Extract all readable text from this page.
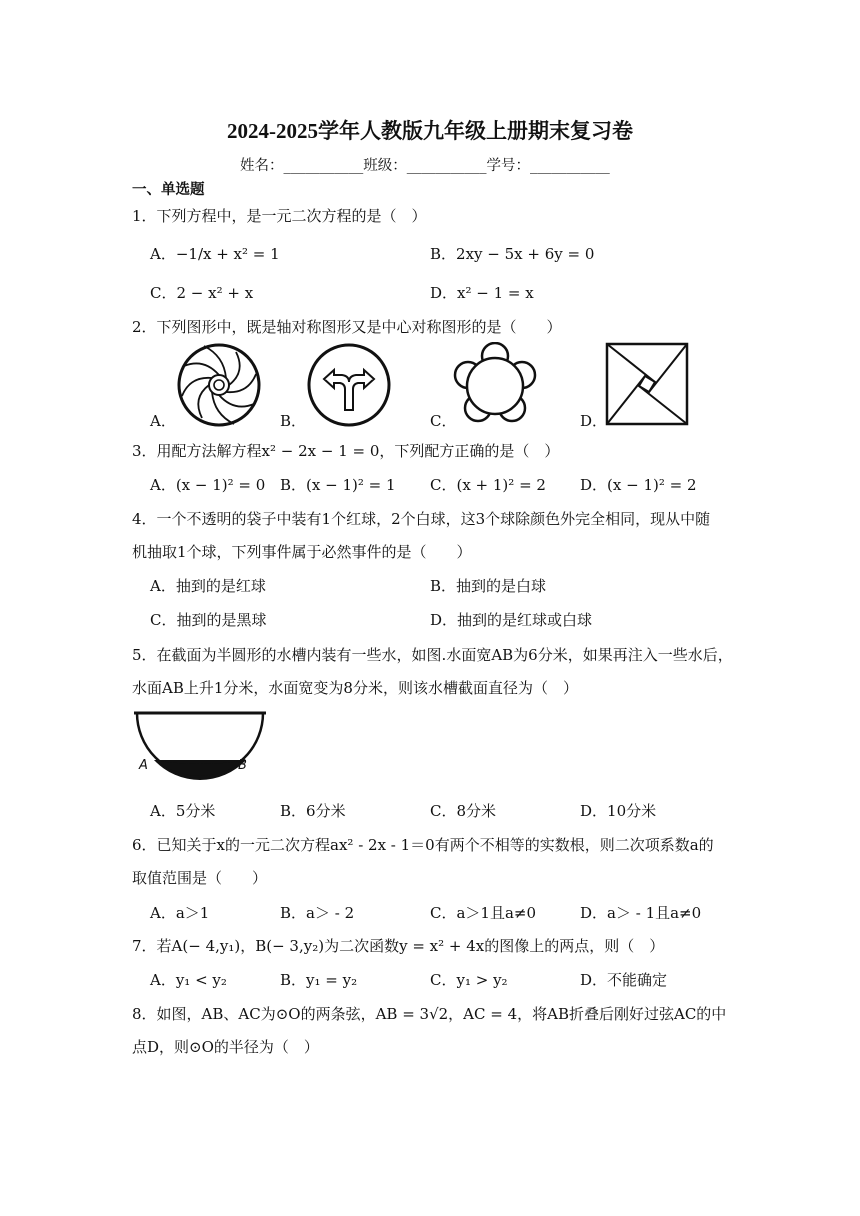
2024-2025学年人教版九年级上册期末复习卷
姓名：___________班级：___________学号：___________
一、单选题
1．下列方程中，是一元二次方程的是（　）
A．−1/x + x² = 1	B．2xy − 5x + 6y = 0
C．2 − x² + x	D．x² − 1 = x
2．下列图形中，既是轴对称图形又是中心对称图形的是（　　）
A．	B．	C．	D．
3．用配方法解方程x² − 2x − 1 = 0，下列配方正确的是（　）
A．(x − 1)² = 0 B．(x − 1)² = 1 C．(x + 1)² = 2 D．(x − 1)² = 2
4．一个不透明的袋子中装有1个红球，2个白球，这3个球除颜色外完全相同，现从中随
机抽取1个球，下列事件属于必然事件的是（　　）
A．抽到的是红球	B．抽到的是白球
C．抽到的是黑球	D．抽到的是红球或白球
5．在截面为半圆形的水槽内装有一些水，如图.水面宽AB为6分米，如果再注入一些水后，
水面AB上升1分米，水面宽变为8分米，则该水槽截面直径为（　）
A	B
A．5分米	B．6分米	C．8分米	D．10分米
6．已知关于x的一元二次方程ax² - 2x - 1＝0有两个不相等的实数根，则二次项系数a的
取值范围是（　　）
A．a＞1	B．a＞ - 2	C．a＞1且a≠0	D．a＞ - 1且a≠0
7．若A(− 4,y₁)，B(− 3,y₂)为二次函数y = x² + 4x的图像上的两点，则（　）
A．y₁ < y₂	B．y₁ = y₂	C．y₁ > y₂	D．不能确定
8．如图，AB、AC为⊙O的两条弦，AB = 3√2，AC = 4，将AB折叠后刚好过弦AC的中
点D，则⊙O的半径为（　）
